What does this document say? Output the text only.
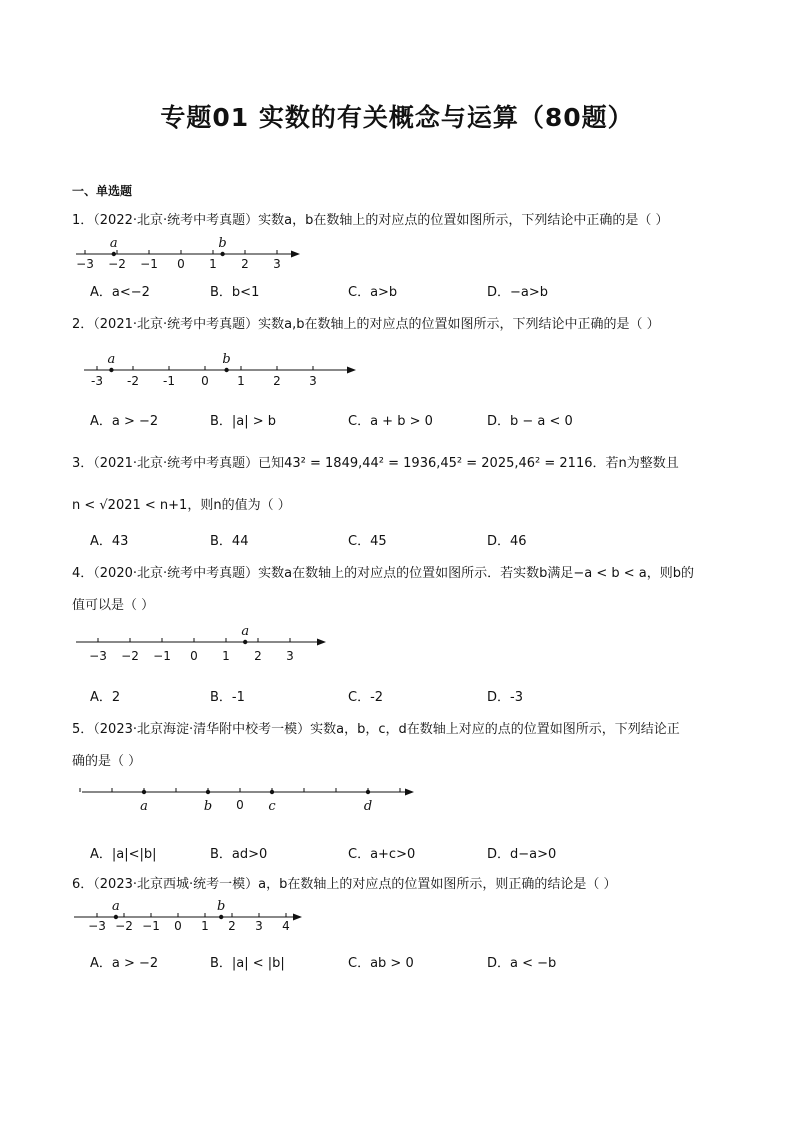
专题01 实数的有关概念与运算（80题）
一、单选题
1．（2022·北京·统考中考真题）实数a，b在数轴上的对应点的位置如图所示，下列结论中正确的是（ ）
−3 −2 −1 0 1 2 3
a	b
A．a<−2	B．b<1	C．a>b	D．−a>b
2．（2021·北京·统考中考真题）实数a,b在数轴上的对应点的位置如图所示，下列结论中正确的是（ ）
-3 -2 -1 0 1 2 3
a	b
A．a > −2	B．|a| > b	C．a + b > 0	D．b − a < 0
3．（2021·北京·统考中考真题）已知43² = 1849,44² = 1936,45² = 2025,46² = 2116．若n为整数且
n < √2021 < n+1，则n的值为（ ）
A．43	B．44	C．45	D．46
4．（2020·北京·统考中考真题）实数a在数轴上的对应点的位置如图所示．若实数b满足−a < b < a，则b的
值可以是（ ）
−3 −2 −1 0 1 2 3
a
A．2	B．-1	C．-2	D．-3
5．（2023·北京海淀·清华附中校考一模）实数a，b，c，d在数轴上对应的点的位置如图所示，下列结论正
确的是（ ）
0
a	b	c	d
A．|a|<|b|	B．ad>0	C．a+c>0	D．d−a>0
6．（2023·北京西城·统考一模）a，b在数轴上的对应点的位置如图所示，则正确的结论是（ ）
−3 −2 −1 0 1 2 3 4
a	b
A．a > −2	B．|a| < |b|	C．ab > 0	D．a < −b
